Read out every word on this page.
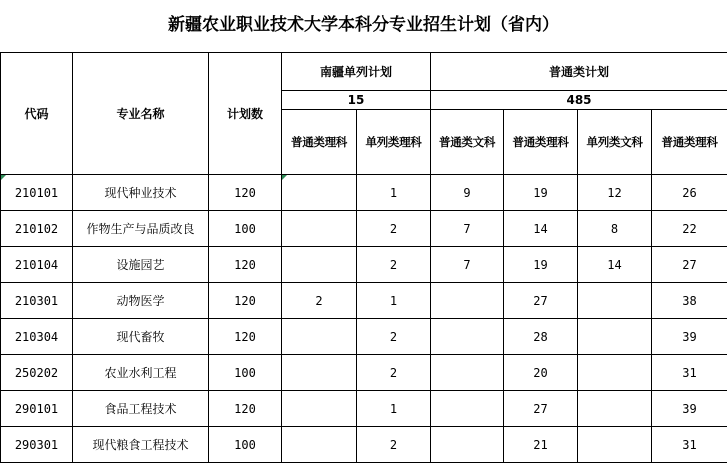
新疆农业职业技术大学本科分专业招生计划（省内）
代码	专业名称	计划数	南疆单列计划		普通类计划			
			15		485			
			普通类理科	单列类理科	普通类文科	普通类理科	单列类文科	普通类理科
210101	现代种业技术	120		1	9	19	12	26
210102	作物生产与品质改良	100		2	7	14	8	22
210104	设施园艺	120		2	7	19	14	27
210301	动物医学	120	2	1		27		38
210304	现代畜牧	120		2		28		39
250202	农业水利工程	100		2		20		31
290101	食品工程技术	120		1		27		39
290301	现代粮食工程技术	100		2		21		31
